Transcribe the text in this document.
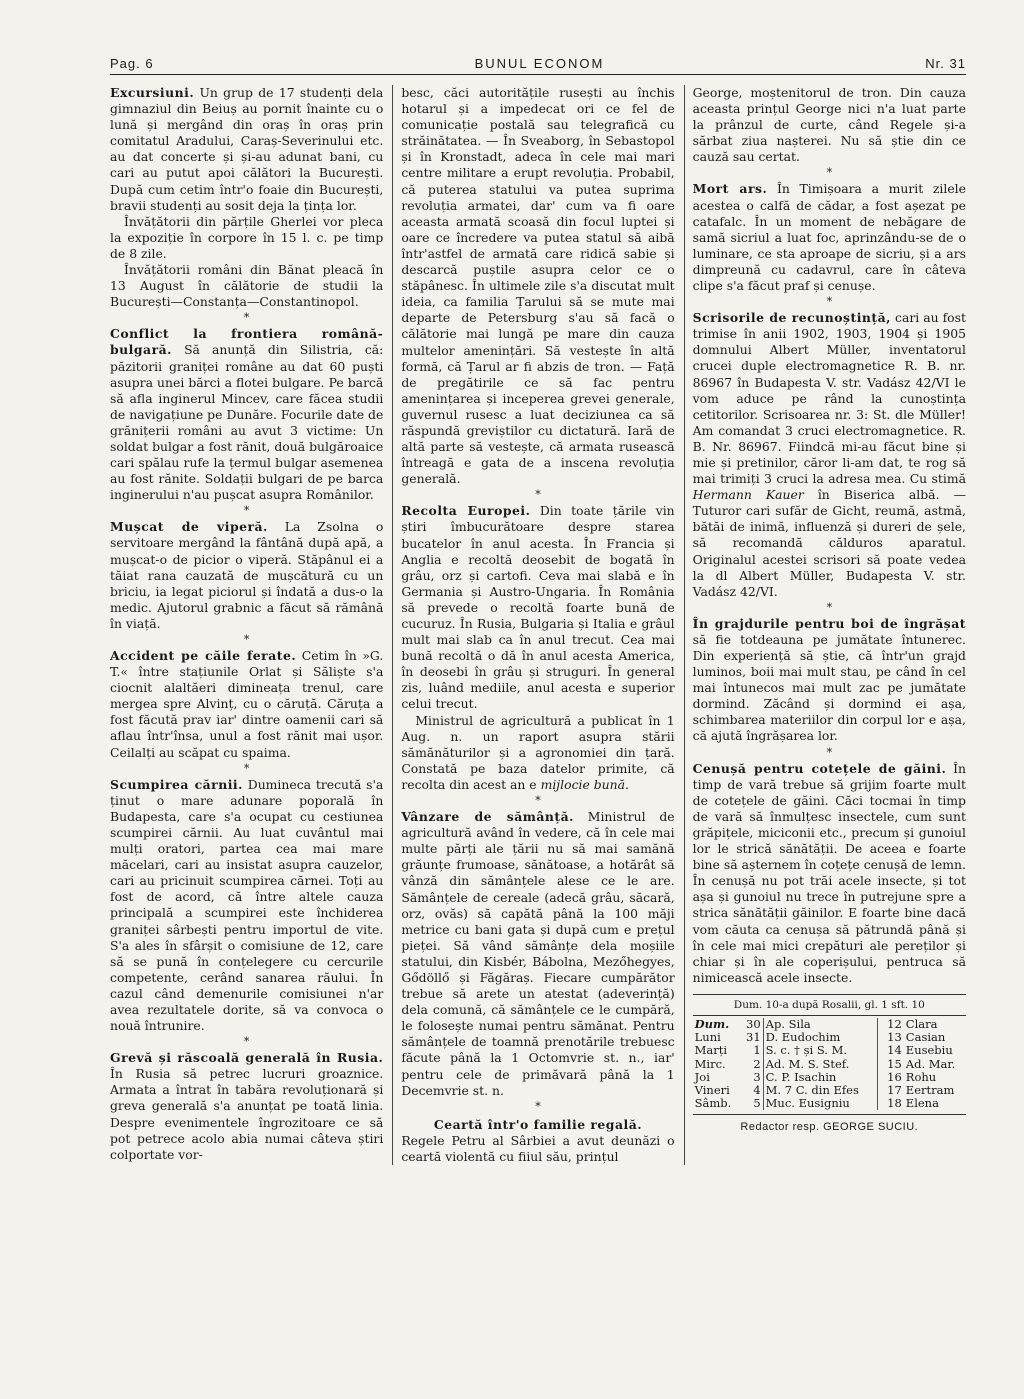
Pag. 6	BUNUL ECONOM	Nr. 31

Excursiuni. Un grup de 17 studenți dela gimnaziul din Beiuș au pornit înainte cu o lună și mergând din oraș în oraș prin comitatul Aradului, Caraș-Severinului etc. au dat concerte și și-au adunat bani, cu cari au putut apoi călători la București. După cum cetim într'o foaie din București, bravii studenți au sosit deja la țința lor.

Învățătorii din părțile Gherlei vor pleca la expoziție în corpore în 15 l. c. pe timp de 8 zile.

Învățătorii români din Bănat pleacă în 13 August în călătorie de studii la București—Constanța—Constantinopol.

*

Conflict la frontiera română-bulgară. Să anunță din Silistria, că: păzitorii graniței române au dat 60 puști asupra unei bărci a flotei bulgare. Pe barcă să afla inginerul Mincev, care făcea studii de navigațiune pe Dunăre. Focurile date de grănițerii români au avut 3 victime: Un soldat bulgar a fost rănit, două bulgăroaice cari spălau rufe la țermul bulgar asemenea au fost rănite. Soldații bulgari de pe barca inginerului n'au pușcat asupra Românilor.

*

Mușcat de viperă. La Zsolna o servitoare mergând la fântână după apă, a mușcat-o de picior o viperă. Stăpânul ei a tăiat rana cauzată de mușcătură cu un briciu, ia legat piciorul și îndată a dus-o la medic. Ajutorul grabnic a făcut să rămână în viață.

*

Accident pe căile ferate. Cetim în »G. T.« între stațiunile Orlat și Săliște s'a ciocnit alaltăeri dimineața trenul, care mergea spre Alvinț, cu o căruță. Căruța a fost făcută prav iar' dintre oamenii cari să aflau într'însa, unul a fost rănit mai ușor. Ceilalți au scăpat cu spaima.

*

Scumpirea cărnii. Dumineca trecută s'a ținut o mare adunare poporală în Budapesta, care s'a ocupat cu cestiunea scumpirei cărnii. Au luat cuvântul mai mulți oratori, partea cea mai mare măcelari, cari au insistat asupra cauzelor, cari au pricinuit scumpirea cărnei. Toți au fost de acord, că între altele cauza principală a scumpirei este închiderea graniței sârbești pentru importul de vite. S'a ales în sfârșit o comisiune de 12, care să se pună în conțelegere cu cercurile competente, cerând sanarea răului. În cazul când demenurile comisiunei n'ar avea rezultatele dorite, să va convoca o nouă întrunire.

*

Grevă și răscoală generală în Rusia. În Rusia să petrec lucruri groaznice. Armata a întrat în tabăra revoluționară și greva generală s'a anunțat pe toată linia. Despre evenimentele îngrozitoare ce să pot petrece acolo abia numai câteva știri colportate vor-

besc, căci autoritățile rusești au închis hotarul și a impedecat ori ce fel de comunicație postală sau telegrafică cu străinătatea. — În Sveaborg, în Sebastopol și în Kronstadt, adeca în cele mai mari centre militare a erupt revoluția. Probabil, că puterea statului va putea suprima revoluția armatei, dar' cum va fi oare aceasta armată scoasă din focul luptei și oare ce încredere va putea statul să aibă într'astfel de armată care ridică sabie și descarcă puștile asupra celor ce o stăpânesc. În ultimele zile s'a discutat mult ideia, ca familia Țarului să se mute mai departe de Petersburg s'au să facă o călătorie mai lungă pe mare din cauza multelor amenințări. Să vestește în altă formă, că Țarul ar fi abzis de tron. — Față de pregătirile ce să fac pentru amenințarea și inceperea grevei generale, guvernul rusesc a luat deciziunea ca să răspundă greviștilor cu dictatură. Iară de altă parte să vestește, că armata rusească întreagă e gata de a inscena revoluția generală.

*

Recolta Europei. Din toate țările vin știri îmbucurătoare despre starea bucatelor în anul acesta. În Francia și Anglia e recoltă deosebit de bogată în grâu, orz și cartofi. Ceva mai slabă e în Germania și Austro-Ungaria. În România să prevede o recoltă foarte bună de cucuruz. În Rusia, Bulgaria și Italia e grâul mult mai slab ca în anul trecut. Cea mai bună recoltă o dă în anul acesta America, în deosebi în grâu și struguri. În general zis, luând mediile, anul acesta e superior celui trecut.

Ministrul de agricultură a publicat în 1 Aug. n. un raport asupra stării sămănăturilor și a agronomiei din țară. Constată pe baza datelor primite, că recolta din acest an e mijlocie bună.

*

Vânzare de sămânță. Ministrul de agricultură având în vedere, că în cele mai multe părți ale țării nu să mai samănă grăunțe frumoase, sănătoase, a hotărât să vânză din sămânțele alese ce le are. Sămânțele de cereale (adecă grâu, săcară, orz, ovăs) să capătă până la 100 măji metrice cu bani gata și după cum e prețul pieței. Să vând sămânțe dela moșiile statului, din Kisbér, Bábolna, Mezőhegyes, Gődöllő și Făgăraș. Fiecare cumpărător trebue să arete un atestat (adeverință) dela comună, că sămânțele ce le cumpără, le folosește numai pentru sămănat. Pentru sămânțele de toamnă prenotările trebuesc făcute până la 1 Octomvrie st. n., iar' pentru cele de primăvară până la 1 Decemvrie st. n.

*
Ceartă într'o familie regală.

Regele Petru al Sârbiei a avut deunăzi o ceartă violentă cu fiiul său, prințul

George, moștenitorul de tron. Din cauza aceasta prințul George nici n'a luat parte la prânzul de curte, când Regele și-a sărbat ziua nașterei. Nu să știe din ce cauză sau certat.

*

Mort ars. În Timișoara a murit zilele acestea o calfă de cădar, a fost așezat pe catafalc. În un moment de nebăgare de samă sicriul a luat foc, aprinzându-se de o luminare, ce sta aproape de sicriu, și a ars dimpreună cu cadavrul, care în câteva clipe s'a făcut praf și cenușe.

*

Scrisorile de recunoștință, cari au fost trimise în anii 1902, 1903, 1904 și 1905 domnului Albert Müller, inventatorul crucei duple electromagnetice R. B. nr. 86967 în Budapesta V. str. Vadász 42/VI le vom aduce pe rând la cunoștința cetitorilor. Scrisoarea nr. 3: St. dle Müller! Am comandat 3 cruci electromagnetice. R. B. Nr. 86967. Fiindcă mi-au făcut bine și mie și pretinilor, căror li-am dat, te rog să mai trimiți 3 cruci la adresa mea. Cu stimă Hermann Kauer în Biserica albă. — Tuturor cari sufăr de Gicht, reumă, astmă, bătăi de inimă, influenză și dureri de șele, să recomandă călduros aparatul. Originalul acestei scrisori să poate vedea la dl Albert Müller, Budapesta V. str. Vadász 42/VI.

*

În grajdurile pentru boi de îngrășat să fie totdeauna pe jumătate întunerec. Din experiență să știe, că într'un grajd luminos, boii mai mult stau, pe când în cel mai întunecos mai mult zac pe jumătate dormind. Zăcând și dormind ei așa, schimbarea materiilor din corpul lor e așa, că ajută îngrășarea lor.

*

Cenușă pentru cotețele de găini. În timp de vară trebue să grijim foarte mult de cotețele de găini. Căci tocmai în timp de vară să înmulțesc insectele, cum sunt grăpițele, miciconii etc., precum și gunoiul lor le strică sănătății. De aceea e foarte bine să așternem în coțețe cenușă de lemn. În cenușă nu pot trăi acele insecte, și tot așa și gunoiul nu trece în putrejune spre a strica sănătății găinilor. E foarte bine dacă vom căuta ca cenușa să pătrundă până și în cele mai mici crepături ale pereților și chiar și în ale coperișului, pentruca să nimicească acele insecte.

Dum. 10-a după Rosalii, gl. 1 sft. 10
Dum.	30	Ap. Sila	12	Clara
Luni	31	D. Eudochim	13	Casian
Marți	1	S. c. † și S. M.	14	Eusebiu
Mirc.	2	Ad. M. S. Stef.	15	Ad. Mar.
Joi	3	C. P. Isachin	16	Rohu
Vineri	4	M. 7 C. din Efes	17	Eertram
Sâmb.	5	Muc. Eusigniu	18	Elena
Redactor resp. GEORGE SUCIU.
